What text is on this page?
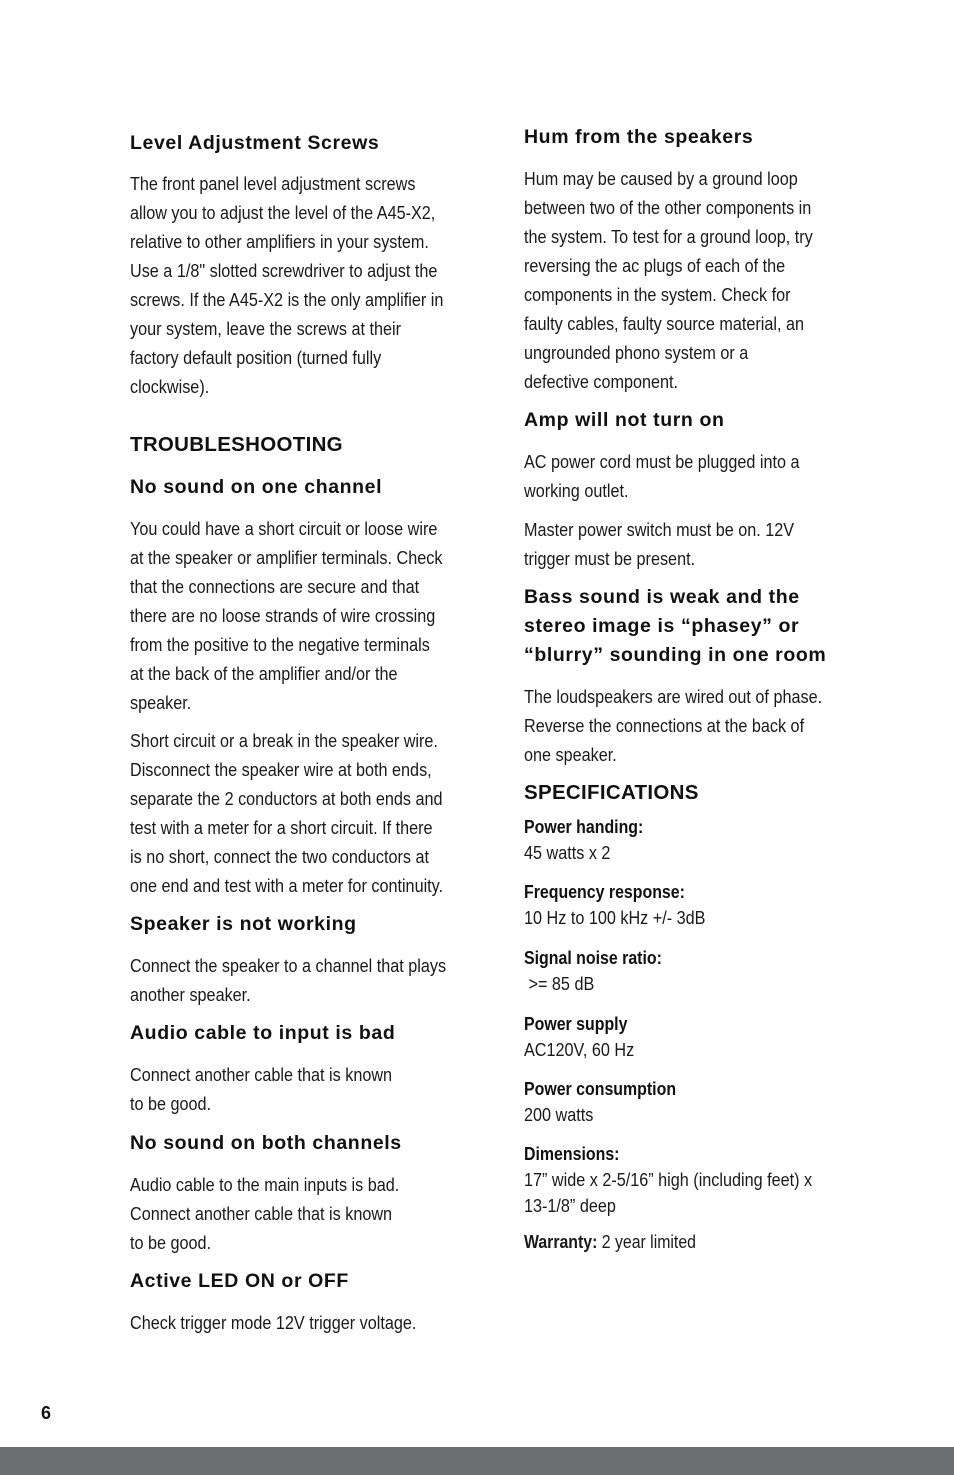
Level Adjustment Screws
The front panel level adjustment screws
allow you to adjust the level of the A45-X2,
relative to other amplifiers in your system.
Use a 1/8" slotted screwdriver to adjust the
screws. If the A45-X2 is the only amplifier in
your system, leave the screws at their
factory default position (turned fully
clockwise).
TROUBLESHOOTING
No sound on one channel
You could have a short circuit or loose wire
at the speaker or amplifier terminals. Check
that the connections are secure and that
there are no loose strands of wire crossing
from the positive to the negative terminals
at the back of the amplifier and/or the
speaker.
Short circuit or a break in the speaker wire.
Disconnect the speaker wire at both ends,
separate the 2 conductors at both ends and
test with a meter for a short circuit. If there
is no short, connect the two conductors at
one end and test with a meter for continuity.
Speaker is not working
Connect the speaker to a channel that plays
another speaker.
Audio cable to input is bad
Connect another cable that is known
to be good.
No sound on both channels
Audio cable to the main inputs is bad.
Connect another cable that is known
to be good.
Active LED ON or OFF
Check trigger mode 12V trigger voltage.
Hum from the speakers
Hum may be caused by a ground loop
between two of the other components in
the system. To test for a ground loop, try
reversing the ac plugs of each of the
components in the system. Check for
faulty cables, faulty source material, an
ungrounded phono system or a
defective component.
Amp will not turn on
AC power cord must be plugged into a
working outlet.
Master power switch must be on. 12V
trigger must be present.
Bass sound is weak and the
stereo image is “phasey” or
“blurry” sounding in one room
The loudspeakers are wired out of phase.
Reverse the connections at the back of
one speaker.
SPECIFICATIONS
Power handing:
45 watts x 2
Frequency response:
10 Hz to 100 kHz +/- 3dB
Signal noise ratio:
>= 85 dB
Power supply
AC120V, 60 Hz
Power consumption
200 watts
Dimensions:
17” wide x 2-5/16” high (including feet) x
13-1/8” deep
Warranty: 2 year limited
6
